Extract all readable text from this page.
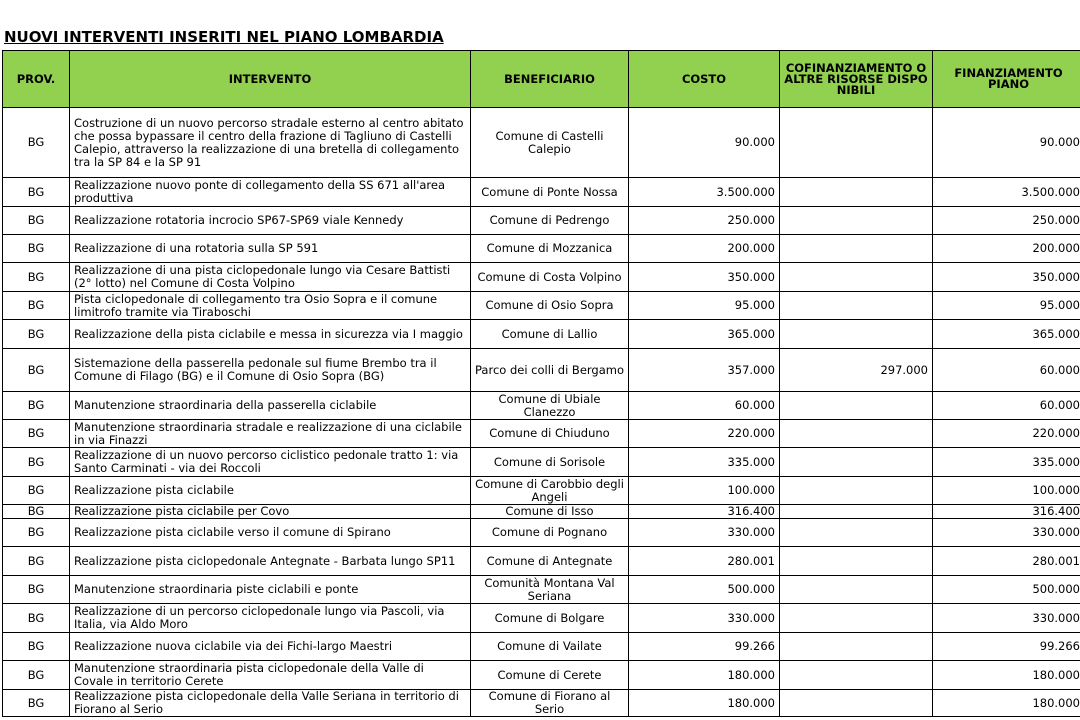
NUOVI INTERVENTI INSERITI NEL PIANO LOMBARDIA
PROV.	INTERVENTO	BENEFICIARIO	COSTO	COFINANZIAMENTO O ALTRE RISORSE DISPONIBILI	FINANZIAMENTO PIANO
BG	Costruzione di un nuovo percorso stradale esterno al centro abitato che possa bypassare il centro della frazione di Tagliuno di Castelli Calepio, attraverso la realizzazione di una bretella di collegamento tra la SP 84 e la SP 91	Comune di Castelli Calepio	90.000		90.000
BG	Realizzazione nuovo ponte di collegamento della SS 671 all'area produttiva	Comune di Ponte Nossa	3.500.000		3.500.000
BG	Realizzazione rotatoria incrocio SP67-SP69 viale Kennedy	Comune di Pedrengo	250.000		250.000
BG	Realizzazione di una rotatoria sulla SP 591	Comune di Mozzanica	200.000		200.000
BG	Realizzazione di una pista ciclopedonale lungo via Cesare Battisti (2° lotto) nel Comune di Costa Volpino	Comune di Costa Volpino	350.000		350.000
BG	Pista ciclopedonale di collegamento tra Osio Sopra e il comune limitrofo tramite via Tiraboschi	Comune di Osio Sopra	95.000		95.000
BG	Realizzazione della pista ciclabile e messa in sicurezza via I maggio	Comune di Lallio	365.000		365.000
BG	Sistemazione della passerella pedonale sul fiume Brembo tra il Comune di Filago (BG) e il Comune di Osio Sopra (BG)	Parco dei colli di Bergamo	357.000	297.000	60.000
BG	Manutenzione straordinaria della passerella ciclabile	Comune di Ubiale Clanezzo	60.000		60.000
BG	Manutenzione straordinaria stradale e realizzazione di una ciclabile in via Finazzi	Comune di Chiuduno	220.000		220.000
BG	Realizzazione di un nuovo percorso ciclistico pedonale tratto 1: via Santo Carminati - via dei Roccoli	Comune di Sorisole	335.000		335.000
BG	Realizzazione pista ciclabile	Comune di Carobbio degli Angeli	100.000		100.000
BG	Realizzazione pista ciclabile per Covo	Comune di Isso	316.400		316.400
BG	Realizzazione pista ciclabile verso il comune di Spirano	Comune di Pognano	330.000		330.000
BG	Realizzazione pista ciclopedonale Antegnate - Barbata lungo SP11	Comune di Antegnate	280.001		280.001
BG	Manutenzione straordinaria piste ciclabili e ponte	Comunità Montana Val Seriana	500.000		500.000
BG	Realizzazione di un percorso ciclopedonale lungo via Pascoli, via Italia, via Aldo Moro	Comune di Bolgare	330.000		330.000
BG	Realizzazione nuova ciclabile via dei Fichi-largo Maestri	Comune di Vailate	99.266		99.266
BG	Manutenzione straordinaria pista ciclopedonale della Valle di Covale in territorio Cerete	Comune di Cerete	180.000		180.000
BG	Realizzazione pista ciclopedonale della Valle Seriana in territorio di Fiorano al Serio	Comune di Fiorano al Serio	180.000		180.000
